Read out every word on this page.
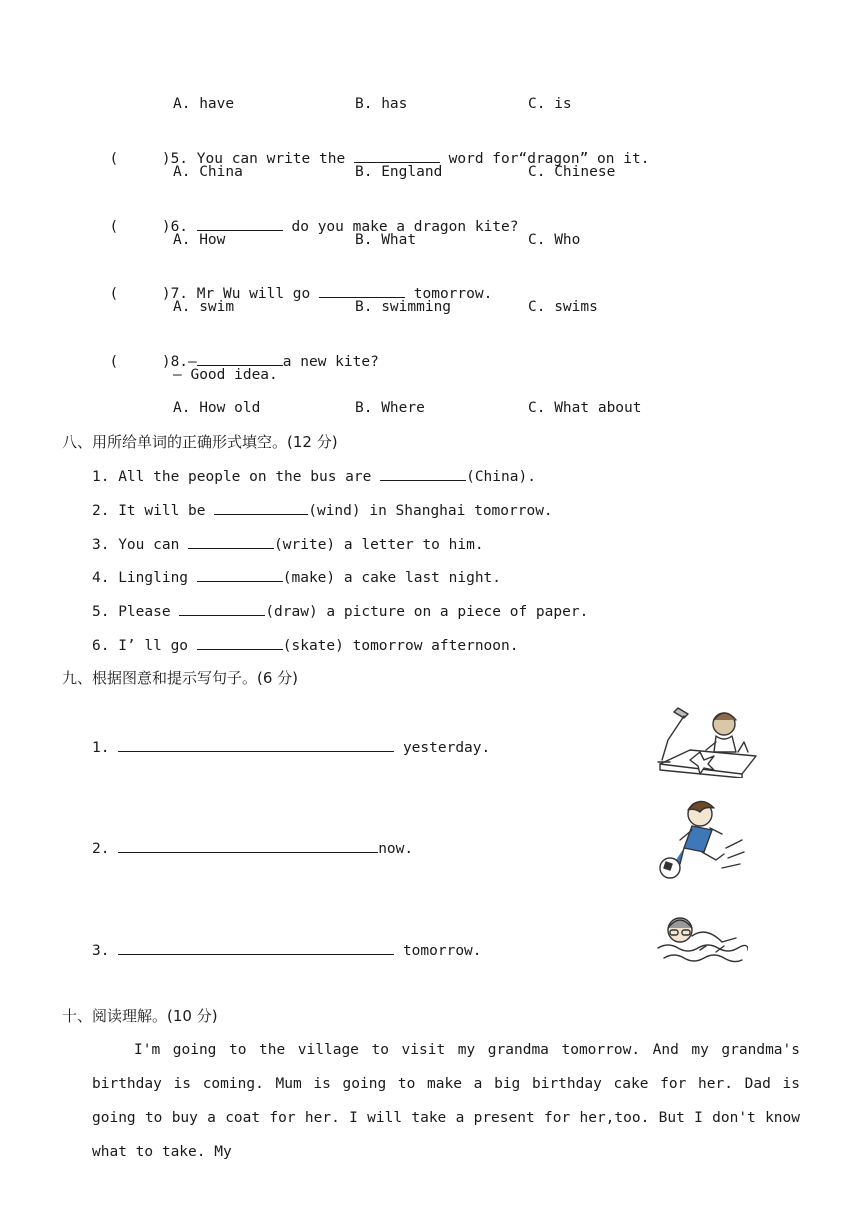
A. have	B. has	C. is

(     )5. You can write the	word for“dragon” on it.

A. China	B. England	C. Chinese

(     )6.	do you make a dragon kite?

A. How	B. What	C. Who

(     )7. Mr Wu will go	tomorrow.

A. swim	B. swimming	C. swims

(     )8.—	a new kite?

— Good idea.
A. How old	B. Where	C. What about
八、用所给单词的正确形式填空。(12 分)
1. All the people on the bus are	(China).
2. It will be	(wind) in Shanghai tomorrow.
3. You can	(write) a letter to him.
4. Lingling	(make) a cake last night.
5. Please	(draw) a picture on a piece of paper.
6. I’ ll go	(skate) tomorrow afternoon.
九、根据图意和提示写句子。(6 分)
1.	yesterday.
2.	now.
3.	tomorrow.
十、阅读理解。(10 分)

I'm going to the village to visit my grandma tomorrow. And my grandma's birthday is coming. Mum is going to make a big birthday cake for her. Dad is going to buy a coat for her. I will take a present for her,too. But I don't know what to take. My
